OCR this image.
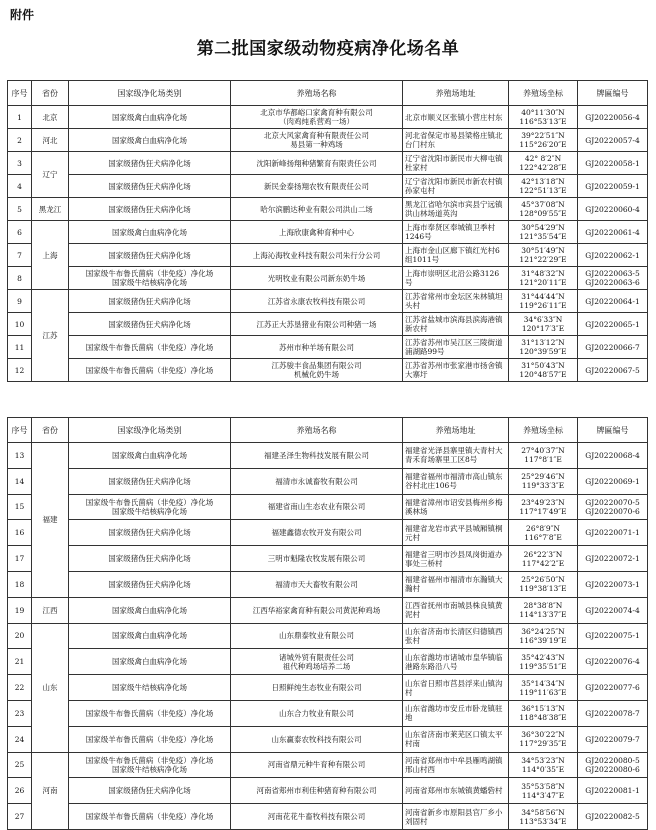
附件
第二批国家级动物疫病净化场名单
序号	省份	国家级净化场类别	养殖场名称	养殖场地址	养殖场坐标	牌匾编号
1	北京	国家级禽白血病净化场	北京市华都峪口家禽育种有限公司
（肉鸡纯系营鸡一场）	北京市顺义区张镇小营庄村东	40°11′30″N
116°53′13″E	GJ20220056-4
2	河北	国家级禽白血病净化场	北京大风家禽育种有限责任公司
易县第一种鸡场	河北省保定市易县梁格庄镇北台门村东	39°22′51″N
115°26′20″E	GJ20220057-4
3	辽宁	国家级猪伪狂犬病净化场	沈阳新峰扬翔种猪繁育有限责任公司	辽宁省沈阳市新民市大柳屯镇杜家村	42° 8′2″N
122°42′28″E	GJ20220058-1
4		国家级猪伪狂犬病净化场	新民金泰扬翔农牧有限责任公司	辽宁省沈阳市新民市新农村镇孙家屯村	42°13′18″N
122°51′13″E	GJ20220059-1
5	黑龙江	国家级猪伪狂犬病净化场	哈尔滨鹏达种业有限公司洪山二场	黑龙江省哈尔滨市宾县宁远镇洪山林场道英沟	45°37′08″N
128°09′55″E	GJ20220060-4
6	上海	国家级禽白血病净化场	上海欣康禽种育种中心	上海市奉贤区奉城镇卫季村1246号	30°54′29″N
121°35′54″E	GJ20220061-4
7		国家级猪伪狂犬病净化场	上海沁海牧业科技有限公司朱行分公司	上海市金山区廊下镇红光村6组1011号	30°51′49″N
121°22′29″E	GJ20220062-1
8		国家级牛布鲁氏菌病（非免疫）净化场
国家级牛结核病净化场	光明牧业有限公司新东奶牛场	上海市崇明区北沿公路3126号	31°48′32″N
121°20′11″E	GJ20220063-5
GJ20220063-6
9	江苏	国家级猪伪狂犬病净化场	江苏省永康农牧科技有限公司	江苏省常州市金坛区朱林镇坦头村	31°44′44″N
119°26′11″E	GJ20220064-1
10		国家级猪伪狂犬病净化场	江苏正大苏垦猪业有限公司种猪一场	江苏省盐城市滨海县滨海港镇新农村	34°6′33″N
120°17′3″E	GJ20220065-1
11		国家级牛布鲁氏菌病（非免疫）净化场	苏州市种羊场有限公司	江苏省苏州市吴江区三陵街道浦湖路99号	31°13′12″N
120°39′59″E	GJ20220066-7
12		国家级牛布鲁氏菌病（非免疫）净化场	江苏骏丰食品集团有限公司
机械化奶牛场	江苏省苏州市张家港市扬舍镇大寨圩	31°50′43″N
120°48′57″E	GJ20220067-5
序号	省份	国家级净化场类别	养殖场名称	养殖场地址	养殖场坐标	牌匾编号
13	福建	国家级禽白血病净化场	福建圣泽生物科技发展有限公司	福建省光泽县寨里镇大青村大青禾育场寨里工区8号	27°40′37″N
117°8′1″E	GJ20220068-4
14		国家级猪伪狂犬病净化场	福清市永诚畜牧有限公司	福建省福州市福清市高山镇东谷村北庄106号	25°29′46″N
119°33′3″E	GJ20220069-1
15		国家级牛布鲁氏菌病（非免疫）净化场
国家级牛结核病净化场	福建省南山生态农业有限公司	福建省漳州市诏安县梅州乡梅溪林场	23°49′23″N
117°17′49″E	GJ20220070-5
GJ20220070-6
16		国家级猪伪狂犬病净化场	福建鑫德农牧开发有限公司	福建省龙岩市武平县城厢镇桐元村	26°8′9″N
116°7′8″E	GJ20220071-1
17		国家级猪伪狂犬病净化场	三明市魁隆农牧发展有限公司	福建省三明市沙县凤岗街道办事处三桥村	26°22′3″N
117°42′2″E	GJ20220072-1
18		国家级猪伪狂犬病净化场	福清市天大畜牧有限公司	福建省福州市福清市东瀚镇大瀚村	25°26′50″N
119°38′13″E	GJ20220073-1
19	江西	国家级禽白血病净化场	江西华裕家禽育种有限公司黄泥种鸡场	江西省抚州市南城县株良镇黄泥村	28°38′8″N
114°13′37″E	GJ20220074-4
20	山东	国家级禽白血病净化场	山东鼎泰牧业有限公司	山东省济南市长清区归德镇西张村	36°24′25″N
116°39′19″E	GJ20220075-1
21		国家级禽白血病净化场	诸城外贸有限责任公司
祖代种鸡场培养二场	山东省潍坊市诸城市皇华镇临港路东路沿八号	35°42′43″N
119°35′51″E	GJ20220076-4
22		国家级牛结核病净化场	日照鲜纯生态牧业有限公司	山东省日照市莒县浮来山镇沟村	35°14′34″N
119°11′63″E	GJ20220077-6
23		国家级牛布鲁氏菌病（非免疫）净化场	山东合力牧业有限公司	山东省潍坊市安丘市卧龙镇驻地	36°15′13″N
118°48′38″E	GJ20220078-7
24		国家级羊布鲁氏菌病（非免疫）净化场	山东赢泰农牧科技有限公司	山东省济南市莱芜区口镇太平村南	36°30′22″N
117°29′35″E	GJ20220079-7
25	河南	国家级牛布鲁氏菌病（非免疫）净化场
国家级牛结核病净化场	河南省鼎元种牛育种有限公司	河南省郑州市中牟县雁鸣湖镇邢山村西	34°53′23″N
114°0′35″E	GJ20220080-5
GJ20220080-6
26		国家级猪伪狂犬病净化场	河南省郏州市利佳种猪育种有限公司	河南省郑州市东城镇黄蟠砦村	35°53′58″N
114°3′47″E	GJ20220081-1
27		国家级羊布鲁氏菌病（非免疫）净化场	河南花花牛畜牧科技有限公司	河南省新乡市原阳县官厂乡小刘固村	34°58′56″N
113°53′34″E	GJ20220082-5
